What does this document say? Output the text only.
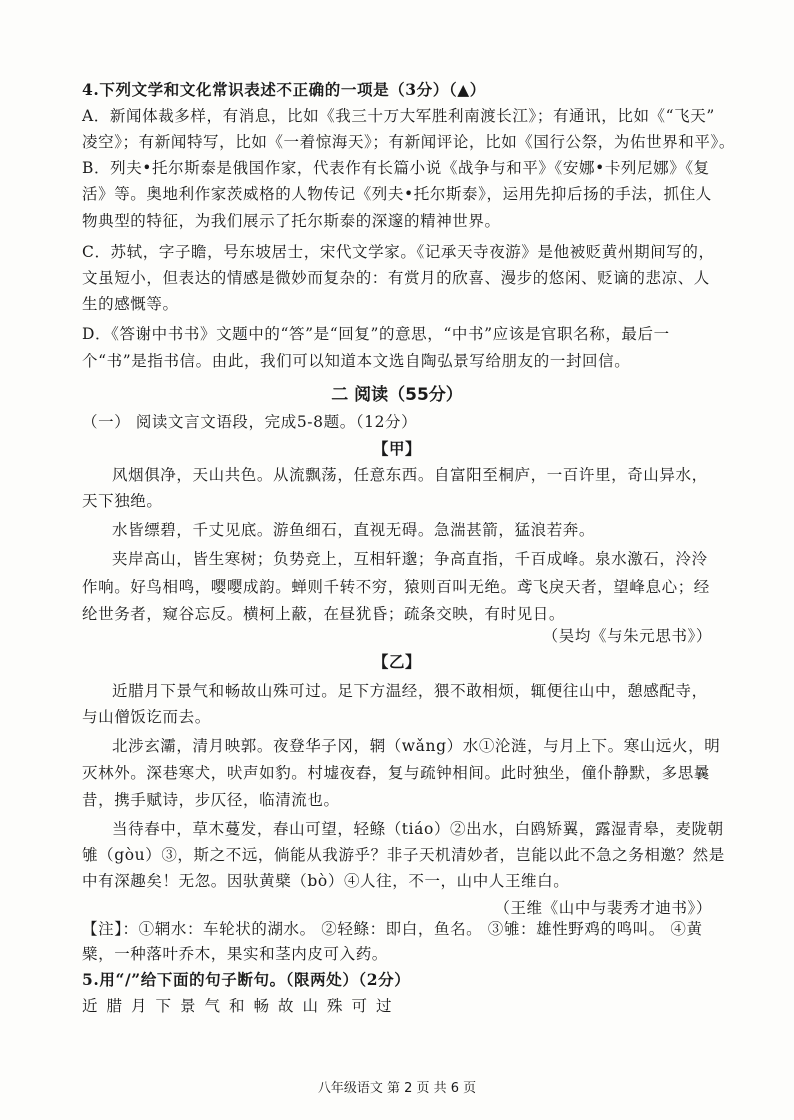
4.下列文学和文化常识表述不正确的一项是（3分）（▲）
A．新闻体裁多样，有消息，比如《我三十万大军胜利南渡长江》；有通讯，比如《“飞天”
凌空》；有新闻特写，比如《一着惊海天》；有新闻评论，比如《国行公祭，为佑世界和平》。
B．列夫•托尔斯泰是俄国作家，代表作有长篇小说《战争与和平》《安娜•卡列尼娜》《复
活》等。奥地利作家茨威格的人物传记《列夫•托尔斯泰》，运用先抑后扬的手法，抓住人
物典型的特征，为我们展示了托尔斯泰的深邃的精神世界。
C．苏轼，字子瞻，号东坡居士，宋代文学家。《记承天寺夜游》是他被贬黄州期间写的，
文虽短小，但表达的情感是微妙而复杂的：有赏月的欣喜、漫步的悠闲、贬谪的悲凉、人
生的感慨等。
D．《答谢中书书》文题中的“答”是“回复”的意思，“中书”应该是官职名称，最后一
个“书”是指书信。由此，我们可以知道本文选自陶弘景写给朋友的一封回信。
二 阅读（55分）
（一） 阅读文言文语段，完成5-8题。（12分）
【甲】
风烟俱净，天山共色。从流飘荡，任意东西。自富阳至桐庐，一百许里，奇山异水，
天下独绝。
水皆缥碧，千丈见底。游鱼细石，直视无碍。急湍甚箭，猛浪若奔。
夹岸高山，皆生寒树；负势竞上，互相轩邈；争高直指，千百成峰。泉水激石，泠泠
作响。好鸟相鸣，嘤嘤成韵。蝉则千转不穷，猿则百叫无绝。鸢飞戾天者，望峰息心；经
纶世务者，窥谷忘反。横柯上蔽，在昼犹昏；疏条交映，有时见日。
（吴均《与朱元思书》）
【乙】
近腊月下景气和畅故山殊可过。足下方温经，猥不敢相烦，辄便往山中，憩感配寺，
与山僧饭讫而去。
北涉玄灞，清月映郭。夜登华子冈，辋（wǎng）水①沦涟，与月上下。寒山远火，明
灭林外。深巷寒犬，吠声如豹。村墟夜舂，复与疏钟相间。此时独坐，僮仆静默，多思曩
昔，携手赋诗，步仄径，临清流也。
当待春中，草木蔓发，春山可望，轻鲦（tiáo）②出水，白鸥矫翼，露湿青皋，麦陇朝
雊（gòu）③，斯之不远，倘能从我游乎？非子天机清妙者，岂能以此不急之务相邀？然是
中有深趣矣！无忽。因驮黄檗（bò）④人往，不一，山中人王维白。
（王维《山中与裴秀才迪书》）
【注】：①辋水：车轮状的湖水。 ②轻鲦：即白，鱼名。 ③雊：雄性野鸡的鸣叫。 ④黄
檗，一种落叶乔木，果实和茎内皮可入药。
5.用“/”给下面的句子断句。（限两处）（2分）
近腊月下景气和畅故山殊可过
八年级语文 第 2 页 共 6 页
